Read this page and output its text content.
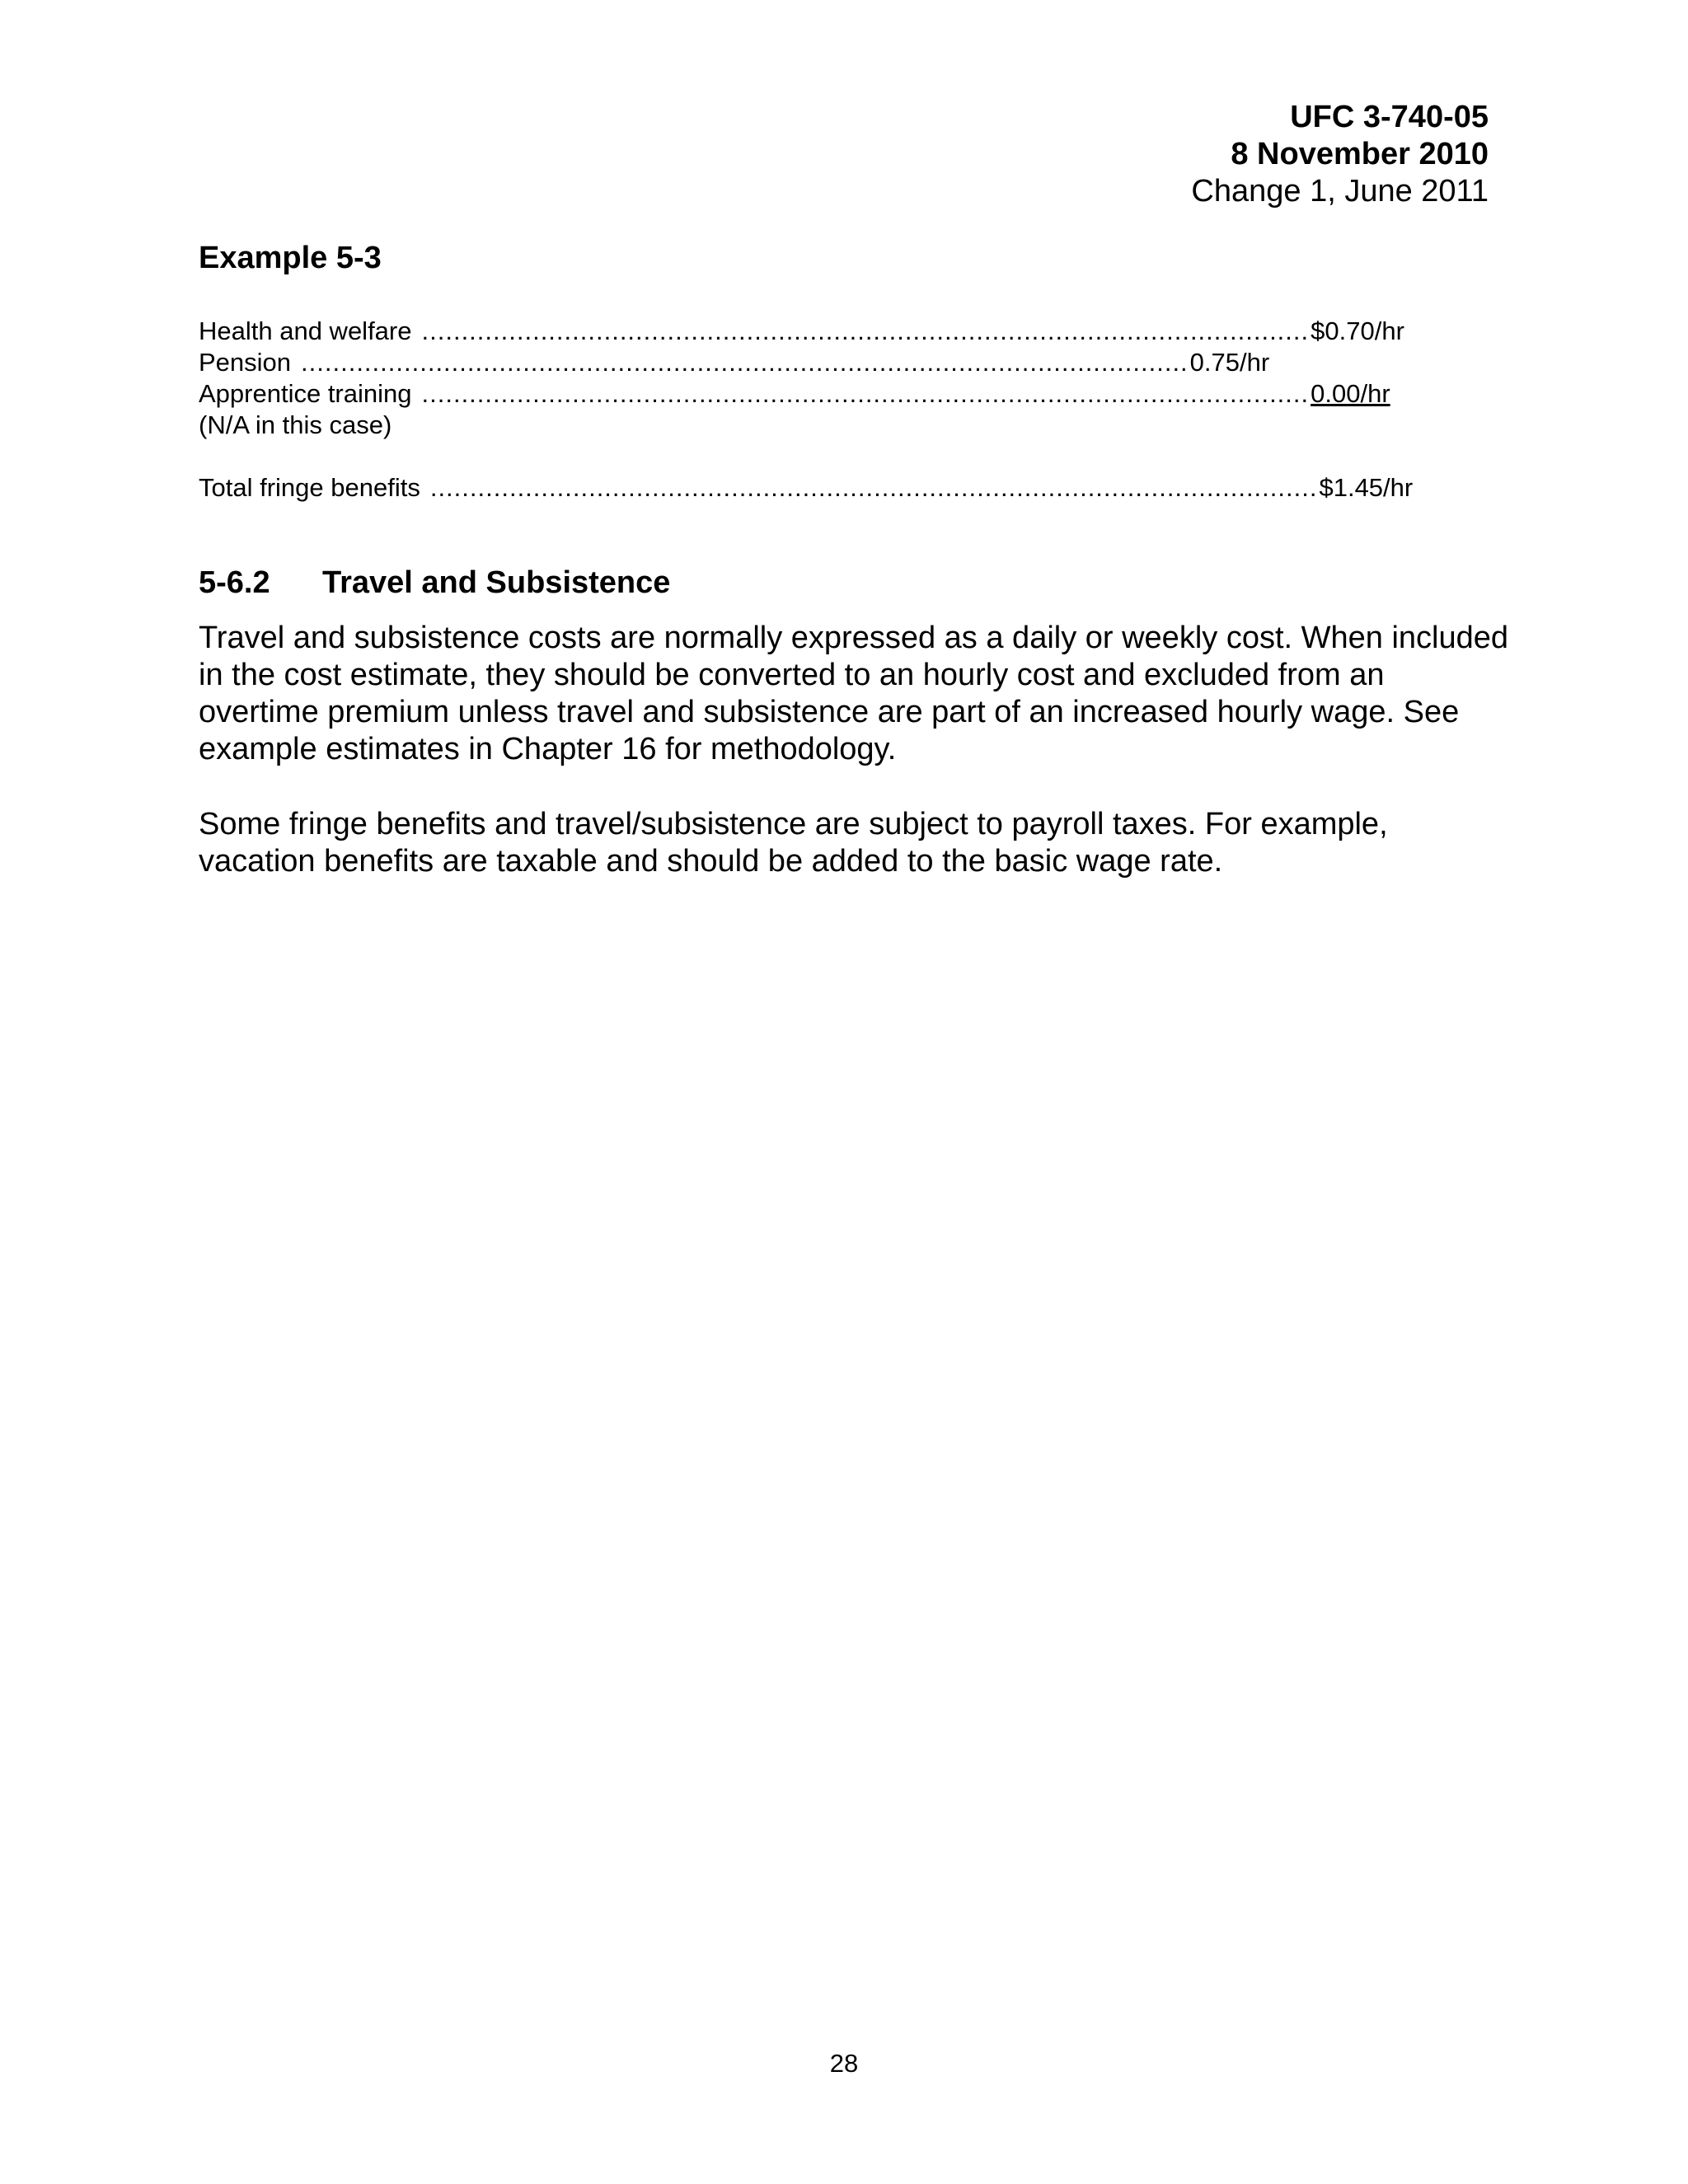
UFC 3-740-05
8 November 2010
Change 1, June 2011
Example 5-3
Health and welfare ................................................................................................................ $0.70/hr
Pension ................................................................................................................ 0.75/hr
Apprentice training ................................................................................................................ 0.00/hr
(N/A in this case)
Total fringe benefits ................................................................................................................ $1.45/hr
5-6.2 Travel and Subsistence

Travel and subsistence costs are normally expressed as a daily or weekly cost. When included in the cost estimate, they should be converted to an hourly cost and excluded from an overtime premium unless travel and subsistence are part of an increased hourly wage. See example estimates in Chapter 16 for methodology.

Some fringe benefits and travel/subsistence are subject to payroll taxes. For example, vacation benefits are taxable and should be added to the basic wage rate.

28
